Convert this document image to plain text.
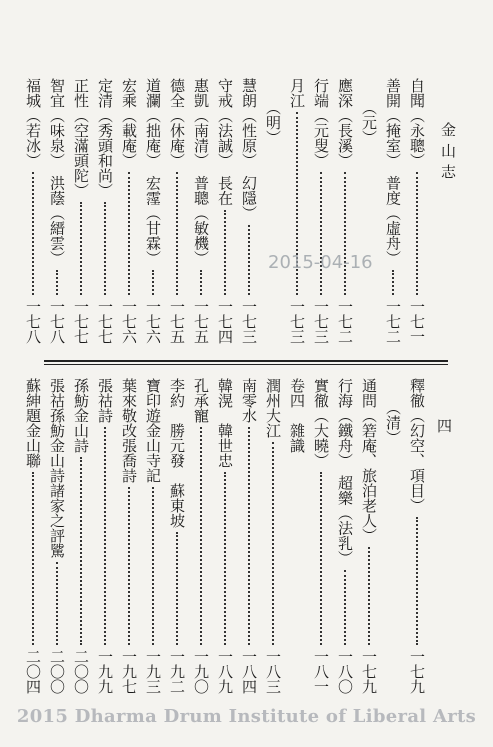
金山志
四
自聞（永聰）
一七一
善開（掩室）　普度（虛舟）
一七二
（元）
應深（長溪）
一七二
行端（元叟）
一七三
月江
一七三
（明）
慧朗（性原）　幻隱）
一七三
守戒（法誠）　長在
一七四
惠凱（南清）　普聰（敏機）
一七五
德全（休庵）
一七五
道瀾（拙庵）　宏霪（甘霖）
一七六
宏乘（載庵）
一七六
定清（秀頭和尚）
一七七
正性（空滿頭陀）
一七七
智宜（味泉）　洪蔭（縉雲）
一七八
福城（若冰）
一七八
釋徹（幻空、項目）
一七九
（清）
通問（箬庵、旅泊老人）
一七九
行海（鐵舟）　超樂（法乳）
一八〇
實徹（大曉）
一八一
卷四　雜識
潤州大江
一八三
南零水
一八四
韓滉　韓世忠
一八九
孔承寵
一九〇
李約　勝元發　蘇東坡
一九二
寶印遊金山寺記
一九三
葉來敬改張喬詩
一九七
張祜詩
一九九
孫魴金山詩
二〇〇
張祜孫魴金山詩諸家之評騭
二〇〇
蘇紳題金山聯
二〇四
2015-04-16
2015 Dharma Drum Institute of Liberal Arts
